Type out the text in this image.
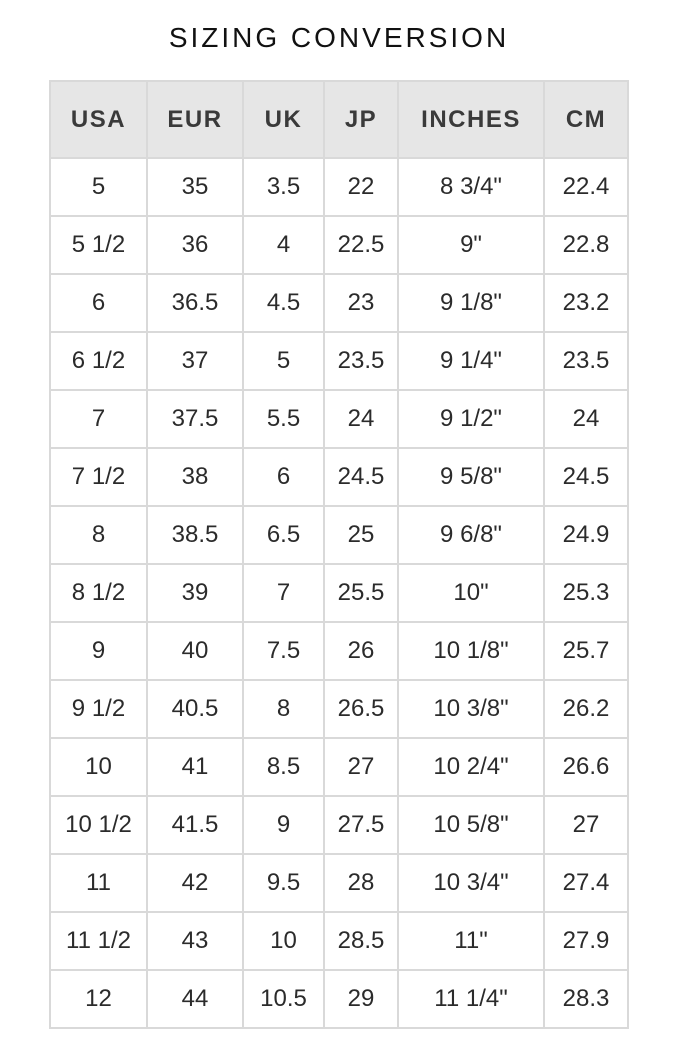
SIZING CONVERSION
USA	EUR	UK	JP	INCHES	CM
5	35	3.5	22	8 3/4"	22.4
5 1/2	36	4	22.5	9"	22.8
6	36.5	4.5	23	9 1/8"	23.2
6 1/2	37	5	23.5	9 1/4"	23.5
7	37.5	5.5	24	9 1/2"	24
7 1/2	38	6	24.5	9 5/8"	24.5
8	38.5	6.5	25	9 6/8"	24.9
8 1/2	39	7	25.5	10"	25.3
9	40	7.5	26	10 1/8"	25.7
9 1/2	40.5	8	26.5	10 3/8"	26.2
10	41	8.5	27	10 2/4"	26.6
10 1/2	41.5	9	27.5	10 5/8"	27
11	42	9.5	28	10 3/4"	27.4
11 1/2	43	10	28.5	11"	27.9
12	44	10.5	29	11 1/4"	28.3
